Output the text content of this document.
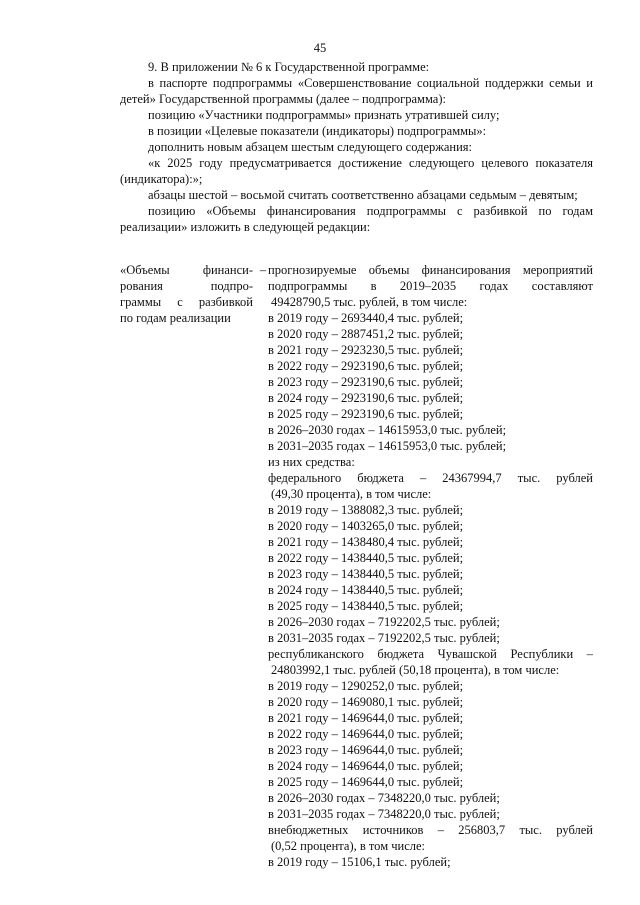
45

9. В приложении № 6 к Государственной программе:

в паспорте подпрограммы «Совершенствование социальной поддержки семьи и детей» Государственной программы (далее – подпрограмма):

позицию «Участники подпрограммы» признать утратившей силу;

в позиции «Целевые показатели (индикаторы) подпрограммы»:

дополнить новым абзацем шестым следующего содержания:

«к 2025 году предусматривается достижение следующего целевого показателя (индикатора):»;

абзацы шестой – восьмой считать соответственно абзацами седьмым – девятым;

позицию «Объемы финансирования подпрограммы с разбивкой по годам реализации» изложить в следующей редакции:

«Объемы финанси-
рования подпро-
граммы с разбивкой
по годам реализации
– прогнозируемые объемы финансирования мероприятий
подпрограммы в 2019–2035 годах составляют
49428790,5 тыс. рублей, в том числе:
в 2019 году – 2693440,4 тыс. рублей;
в 2020 году – 2887451,2 тыс. рублей;
в 2021 году – 2923230,5 тыс. рублей;
в 2022 году – 2923190,6 тыс. рублей;
в 2023 году – 2923190,6 тыс. рублей;
в 2024 году – 2923190,6 тыс. рублей;
в 2025 году – 2923190,6 тыс. рублей;
в 2026–2030 годах – 14615953,0 тыс. рублей;
в 2031–2035 годах – 14615953,0 тыс. рублей;
из них средства:
федерального бюджета – 24367994,7 тыс. рублей
(49,30 процента), в том числе:
в 2019 году – 1388082,3 тыс. рублей;
в 2020 году – 1403265,0 тыс. рублей;
в 2021 году – 1438480,4 тыс. рублей;
в 2022 году – 1438440,5 тыс. рублей;
в 2023 году – 1438440,5 тыс. рублей;
в 2024 году – 1438440,5 тыс. рублей;
в 2025 году – 1438440,5 тыс. рублей;
в 2026–2030 годах – 7192202,5 тыс. рублей;
в 2031–2035 годах – 7192202,5 тыс. рублей;
республиканского бюджета Чувашской Республики –
24803992,1 тыс. рублей (50,18 процента), в том числе:
в 2019 году – 1290252,0 тыс. рублей;
в 2020 году – 1469080,1 тыс. рублей;
в 2021 году – 1469644,0 тыс. рублей;
в 2022 году – 1469644,0 тыс. рублей;
в 2023 году – 1469644,0 тыс. рублей;
в 2024 году – 1469644,0 тыс. рублей;
в 2025 году – 1469644,0 тыс. рублей;
в 2026–2030 годах – 7348220,0 тыс. рублей;
в 2031–2035 годах – 7348220,0 тыс. рублей;
внебюджетных источников – 256803,7 тыс. рублей
(0,52 процента), в том числе:
в 2019 году – 15106,1 тыс. рублей;
